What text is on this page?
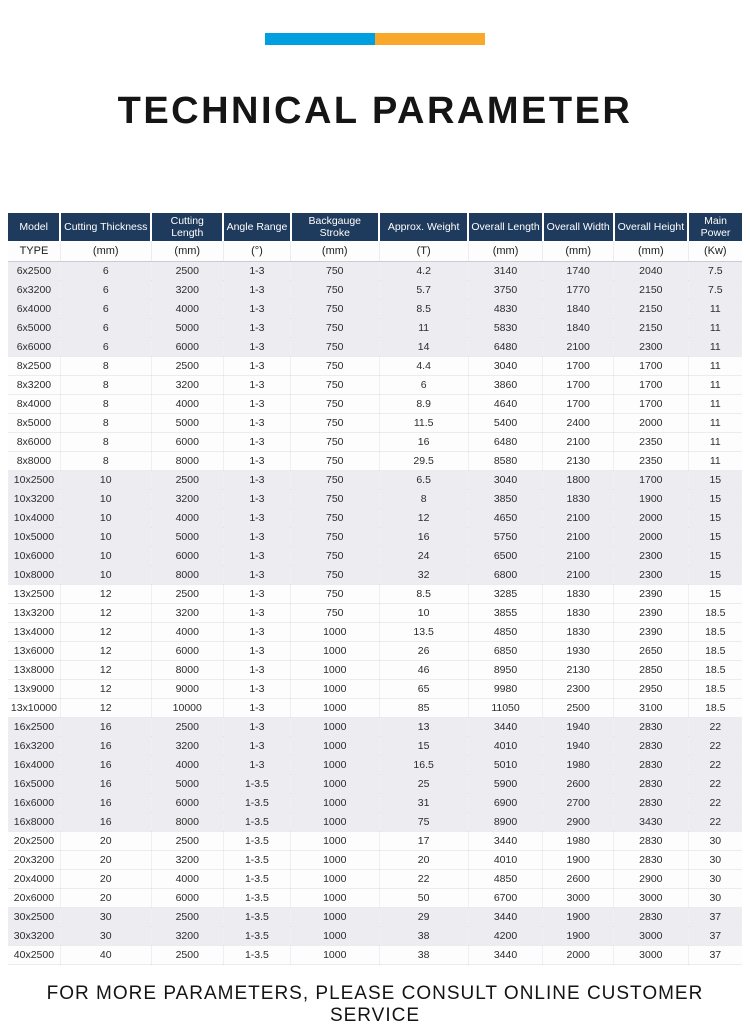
TECHNICAL PARAMETER
Model	Cutting Thickness	Cutting Length	Angle Range	Backgauge Stroke	Approx. Weight	Overall Length	Overall Width	Overall Height	Main Power
TYPE	(mm)	(mm)	(°)	(mm)	(T)	(mm)	(mm)	(mm)	(Kw)
6x2500	6	2500	1-3	750	4.2	3140	1740	2040	7.5
6x3200	6	3200	1-3	750	5.7	3750	1770	2150	7.5
6x4000	6	4000	1-3	750	8.5	4830	1840	2150	11
6x5000	6	5000	1-3	750	11	5830	1840	2150	11
6x6000	6	6000	1-3	750	14	6480	2100	2300	11
8x2500	8	2500	1-3	750	4.4	3040	1700	1700	11
8x3200	8	3200	1-3	750	6	3860	1700	1700	11
8x4000	8	4000	1-3	750	8.9	4640	1700	1700	11
8x5000	8	5000	1-3	750	11.5	5400	2400	2000	11
8x6000	8	6000	1-3	750	16	6480	2100	2350	11
8x8000	8	8000	1-3	750	29.5	8580	2130	2350	11
10x2500	10	2500	1-3	750	6.5	3040	1800	1700	15
10x3200	10	3200	1-3	750	8	3850	1830	1900	15
10x4000	10	4000	1-3	750	12	4650	2100	2000	15
10x5000	10	5000	1-3	750	16	5750	2100	2000	15
10x6000	10	6000	1-3	750	24	6500	2100	2300	15
10x8000	10	8000	1-3	750	32	6800	2100	2300	15
13x2500	12	2500	1-3	750	8.5	3285	1830	2390	15
13x3200	12	3200	1-3	750	10	3855	1830	2390	18.5
13x4000	12	4000	1-3	1000	13.5	4850	1830	2390	18.5
13x6000	12	6000	1-3	1000	26	6850	1930	2650	18.5
13x8000	12	8000	1-3	1000	46	8950	2130	2850	18.5
13x9000	12	9000	1-3	1000	65	9980	2300	2950	18.5
13x10000	12	10000	1-3	1000	85	11050	2500	3100	18.5
16x2500	16	2500	1-3	1000	13	3440	1940	2830	22
16x3200	16	3200	1-3	1000	15	4010	1940	2830	22
16x4000	16	4000	1-3	1000	16.5	5010	1980	2830	22
16x5000	16	5000	1-3.5	1000	25	5900	2600	2830	22
16x6000	16	6000	1-3.5	1000	31	6900	2700	2830	22
16x8000	16	8000	1-3.5	1000	75	8900	2900	3430	22
20x2500	20	2500	1-3.5	1000	17	3440	1980	2830	30
20x3200	20	3200	1-3.5	1000	20	4010	1900	2830	30
20x4000	20	4000	1-3.5	1000	22	4850	2600	2900	30
20x6000	20	6000	1-3.5	1000	50	6700	3000	3000	30
30x2500	30	2500	1-3.5	1000	29	3440	1900	2830	37
30x3200	30	3200	1-3.5	1000	38	4200	1900	3000	37
40x2500	40	2500	1-3.5	1000	38	3440	2000	3000	37
FOR MORE PARAMETERS, PLEASE CONSULT ONLINE CUSTOMER SERVICE
